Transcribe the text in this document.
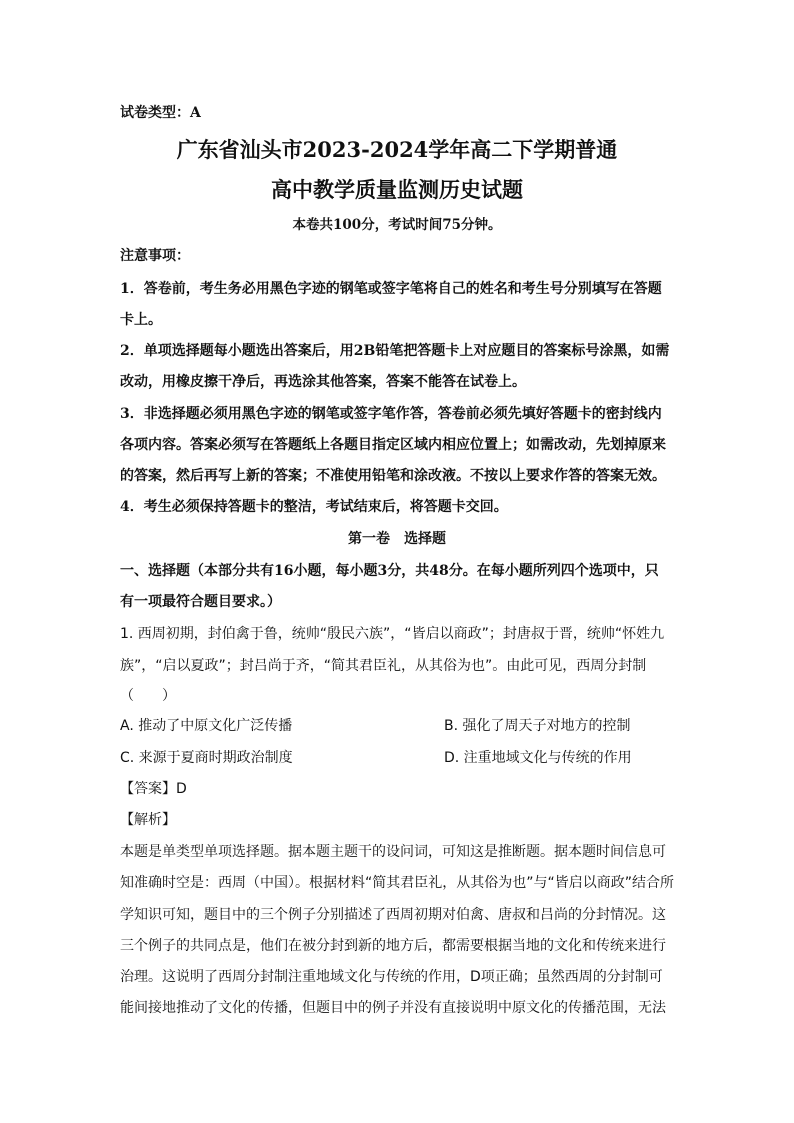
试卷类型：A
广东省汕头市2023-2024学年高二下学期普通
高中教学质量监测历史试题
本卷共100分，考试时间75分钟。
注意事项：
1．答卷前，考生务必用黑色字迹的钢笔或签字笔将自己的姓名和考生号分别填写在答题
卡上。
2．单项选择题每小题选出答案后，用2B铅笔把答题卡上对应题目的答案标号涂黑，如需
改动，用橡皮擦干净后，再选涂其他答案，答案不能答在试卷上。
3．非选择题必须用黑色字迹的钢笔或签字笔作答，答卷前必须先填好答题卡的密封线内
各项内容。答案必须写在答题纸上各题目指定区域内相应位置上；如需改动，先划掉原来
的答案，然后再写上新的答案；不准使用铅笔和涂改液。不按以上要求作答的答案无效。
4．考生必须保持答题卡的整洁，考试结束后，将答题卡交回。
第一卷　选择题
一、选择题（本部分共有16小题，每小题3分，共48分。在每小题所列四个选项中，只
有一项最符合题目要求。）
1. 西周初期，封伯禽于鲁，统帅“殷民六族”，“皆启以商政”；封唐叔于晋，统帅“怀姓九
族”，“启以夏政”；封吕尚于齐，“简其君臣礼，从其俗为也”。由此可见，西周分封制
（　　）
A. 推动了中原文化广泛传播	B. 强化了周天子对地方的控制
C. 来源于夏商时期政治制度	D. 注重地域文化与传统的作用
【答案】D
【解析】
本题是单类型单项选择题。据本题主题干的设问词，可知这是推断题。据本题时间信息可
知准确时空是：西周（中国）。根据材料“简其君臣礼，从其俗为也”与“皆启以商政”结合所
学知识可知，题目中的三个例子分别描述了西周初期对伯禽、唐叔和吕尚的分封情况。这
三个例子的共同点是，他们在被分封到新的地方后，都需要根据当地的文化和传统来进行
治理。这说明了西周分封制注重地域文化与传统的作用，D项正确；虽然西周的分封制可
能间接地推动了文化的传播，但题目中的例子并没有直接说明中原文化的传播范围，无法
